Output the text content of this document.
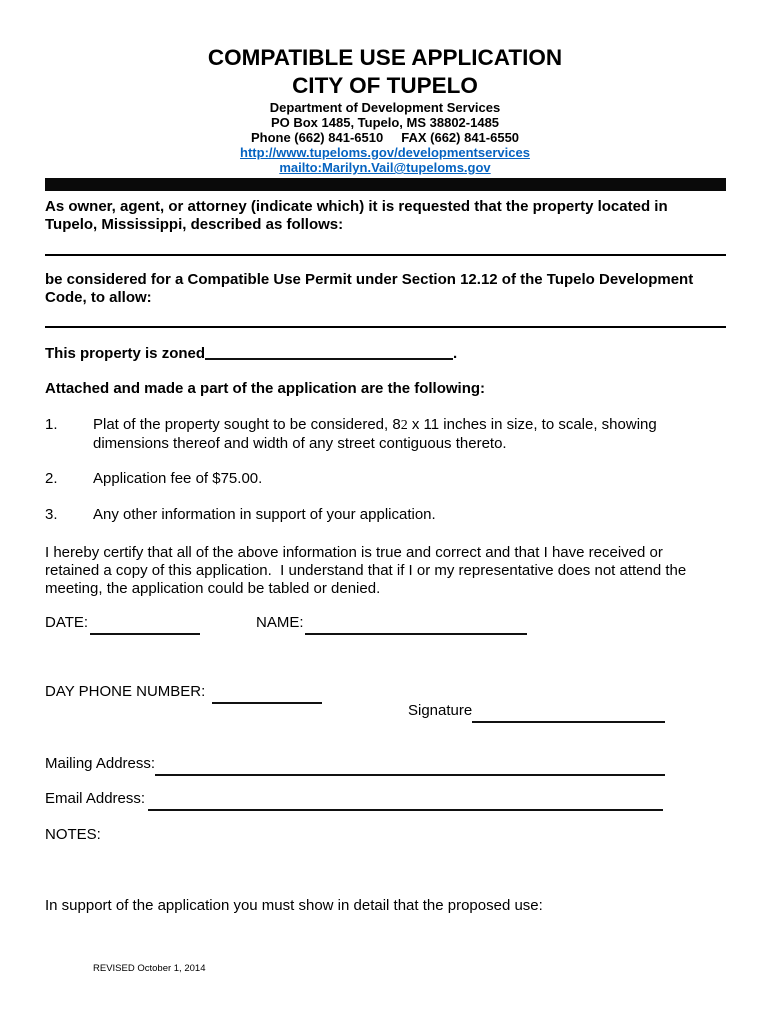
COMPATIBLE USE APPLICATION
CITY OF TUPELO
Department of Development Services
PO Box 1485, Tupelo, MS 38802-1485
Phone (662) 841-6510     FAX (662) 841-6550
http://www.tupeloms.gov/developmentservices
mailto:Marilyn.Vail@tupeloms.gov
As owner, agent, or attorney (indicate which) it is requested that the property located in
Tupelo, Mississippi, described as follows:
be considered for a Compatible Use Permit under Section 12.12 of the Tupelo Development
Code, to allow:
This property is zoned	.
Attached and made a part of the application are the following:
1. Plat of the property sought to be considered, 82 x 11 inches in size, to scale, showing
dimensions thereof and width of any street contiguous thereto.
2. Application fee of $75.00.
3. Any other information in support of your application.
I hereby certify that all of the above information is true and correct and that I have received or
retained a copy of this application.  I understand that if I or my representative does not attend the
meeting, the application could be tabled or denied.
DATE:	NAME:
DAY PHONE NUMBER:
Signature
Mailing Address:
Email Address:
NOTES:
In support of the application you must show in detail that the proposed use:
REVISED October 1, 2014
